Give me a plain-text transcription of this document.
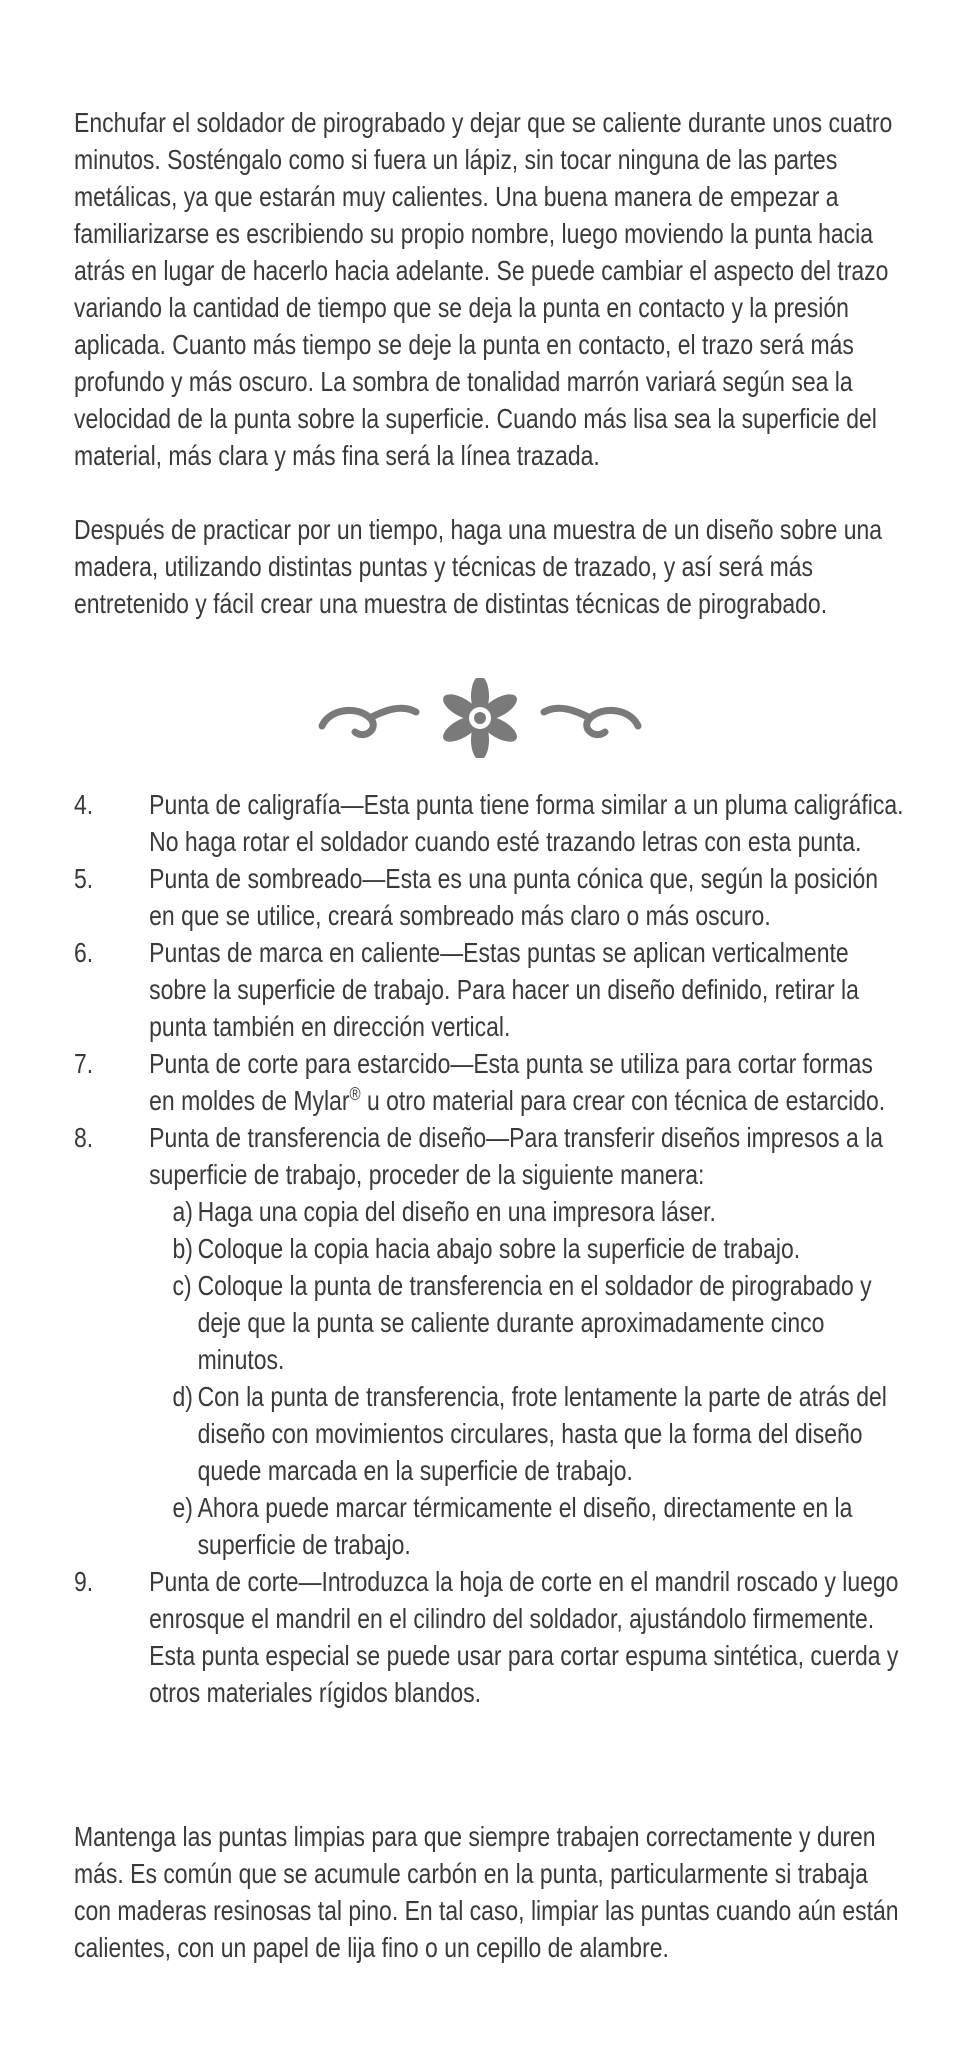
Enchufar el soldador de pirograbado y dejar que se caliente durante unos cuatro minutos. Sosténgalo como si fuera un lápiz, sin tocar ninguna de las partes metálicas, ya que estarán muy calientes. Una buena manera de empezar a familiarizarse es escribiendo su propio nombre, luego moviendo la punta hacia atrás en lugar de hacerlo hacia adelante. Se puede cambiar el aspecto del trazo variando la cantidad de tiempo que se deja la punta en contacto y la presión aplicada. Cuanto más tiempo se deje la punta en contacto, el trazo será más profundo y más oscuro. La sombra de tonalidad marrón variará según sea la velocidad de la punta sobre la superficie. Cuando más lisa sea la superficie del material, más clara y más fina será la línea trazada.

Después de practicar por un tiempo, haga una muestra de un diseño sobre una madera, utilizando distintas puntas y técnicas de trazado, y así será más entretenido y fácil crear una muestra de distintas técnicas de pirograbado.

4. Punta de caligrafía—Esta punta tiene forma similar a un pluma caligráfica. No haga rotar el soldador cuando esté trazando letras con esta punta.
5. Punta de sombreado—Esta es una punta cónica que, según la posición en que se utilice, creará sombreado más claro o más oscuro.
6. Puntas de marca en caliente—Estas puntas se aplican verticalmente sobre la superficie de trabajo. Para hacer un diseño definido, retirar la punta también en dirección vertical.
7. Punta de corte para estarcido—Esta punta se utiliza para cortar formas en moldes de Mylar® u otro material para crear con técnica de estarcido.
8. Punta de transferencia de diseño—Para transferir diseños impresos a la superficie de trabajo, proceder de la siguiente manera:
a) Haga una copia del diseño en una impresora láser.
b) Coloque la copia hacia abajo sobre la superficie de trabajo.
c) Coloque la punta de transferencia en el soldador de pirograbado y deje que la punta se caliente durante aproximadamente cinco minutos.
d) Con la punta de transferencia, frote lentamente la parte de atrás del diseño con movimientos circulares, hasta que la forma del diseño quede marcada en la superficie de trabajo.
e) Ahora puede marcar térmicamente el diseño, directamente en la superficie de trabajo.
9. Punta de corte—Introduzca la hoja de corte en el mandril roscado y luego enrosque el mandril en el cilindro del soldador, ajustándolo firmemente. Esta punta especial se puede usar para cortar espuma sintética, cuerda y otros materiales rígidos blandos.

Mantenga las puntas limpias para que siempre trabajen correctamente y duren más. Es común que se acumule carbón en la punta, particularmente si trabaja con maderas resinosas tal pino. En tal caso, limpiar las puntas cuando aún están calientes, con un papel de lija fino o un cepillo de alambre.
